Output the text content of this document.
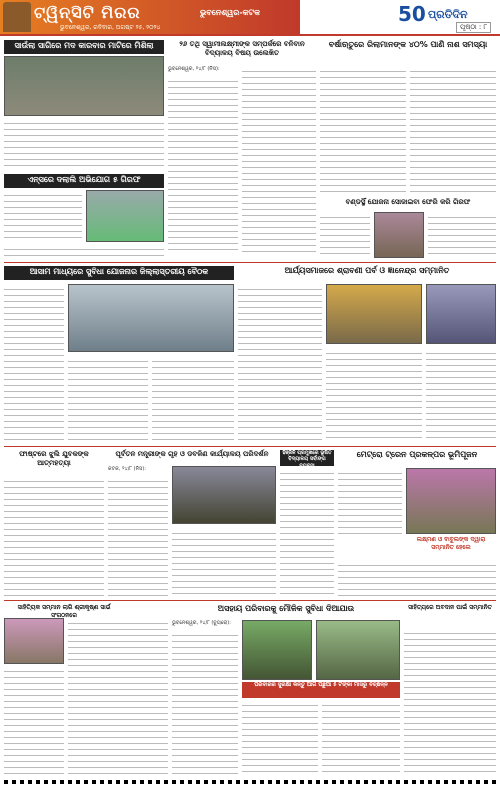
ଟ୍ୱିନ୍‌ସିଟି ମିରର	ଭୁବନେଶ୍ୱର-କଟକ
ଭୁବନେଶ୍ୱର, ରବିବାର, ଅଗଷ୍ଟ ୨୫, ୨୦୨୪
50 ପ୍ରତିଦିନ
ପୃଷ୍ଠା : ୮
ସାଉଁଲା ସାଗିରେ ମଦ କାରବାର ମାଟିରେ ମିଶିଲା	୨୬ ତଥି ସ୍ୱାମୀଲକ୍ଷ୍ମୀଙ୍କ ସମ୍ପର୍କରେ ବନିବାନ ବିଦ୍ୟାଳୟ ବିଷୟ ଉଲେଖିତ
ଭୁବନେଶ୍ୱର, ୨୪/୮ (ନିସ):
ବର୍ଷାଋତୁରେ ରିଲାମାନଙ୍କ ୪୦% ପାଣି ନାଶ ସମସ୍ୟା
ଏନ୍‌ସରେ ଦଲାଲି ଅଭିଯୋଗ ୫ ଗିରଫ
ବଣ୍ଡସ୍ଥିଁ ଯୋଜନା ସୋଜାଇବା ଫେରି କରି ଗିରଫ
ଆସାମ ମାଧ୍ୟରେ ସୁବିଧା ଯୋଜନାର ଜିଲ୍ଲାସ୍ତରୀୟ ବୈଠକ	ଆର୍ଯ୍ୟସମାଜରେ ଶ୍ରାବଣୀ ପର୍ବ ଓ ଜ୍ଞାନେନ୍ଦ୍ର ସମ୍ମାନିତ
ଫାଷ୍ଟରେ ଝୁଲି ଯୁବକଙ୍କ ଆତ୍ମହତ୍ୟା
ପୂର୍ବତନ ମନ୍ତ୍ରୀଙ୍କ ଗୃହ ଓ ଡବଳିଣ କାର୍ଯ୍ୟାଳୟ ପରିଦର୍ଶନ
କଟକ, ୨୪/୮ (ନିସ):
ହିଞ୍ଜିଳି ପ୍ରମୁଖରେ ଭୂଷିତ ବିଦ୍ୟାଳୟ ସର୍ବାଙ୍ଗ ବ୍ୟବସ୍ଥା
ମେଟ୍ରୋ ଟ୍ରେନ ପ୍ରକଳ୍ପର ଭୂମିପୂଜନ
ଲକ୍ଷ୍ମଣ ଓ ବାବୁଲଙ୍କ ଦ୍ୱାରା ସମ୍ମାନିତ ହେଲେ
ସାହିତ୍ୟିକ ସମ୍ମାନ ଲାଗି ଶ୍ରୀକୃଷ୍ଣ ସାର୍ଭ ସଂଗଠନରେ
ଅସହାୟ ପରିବାରକୁ ମୌଳିକ ସୁବିଧା ଦିଆଯାଉ
ଭୁବନେଶ୍ୱର, ୨୪/୮ (ବ୍ୟୁରୋ):
ପରିବାରର ସୁରକ୍ଷା କିନ୍ତୁ ଆଗ ପଛୁଆ ୫ ଟଙ୍କା ମାସରୁ ବିଚ୍ଛିନ୍ନ
ସାହିତ୍ୟରେ ଅବଦାନ ପାଇଁ ସମ୍ମାନିତ
